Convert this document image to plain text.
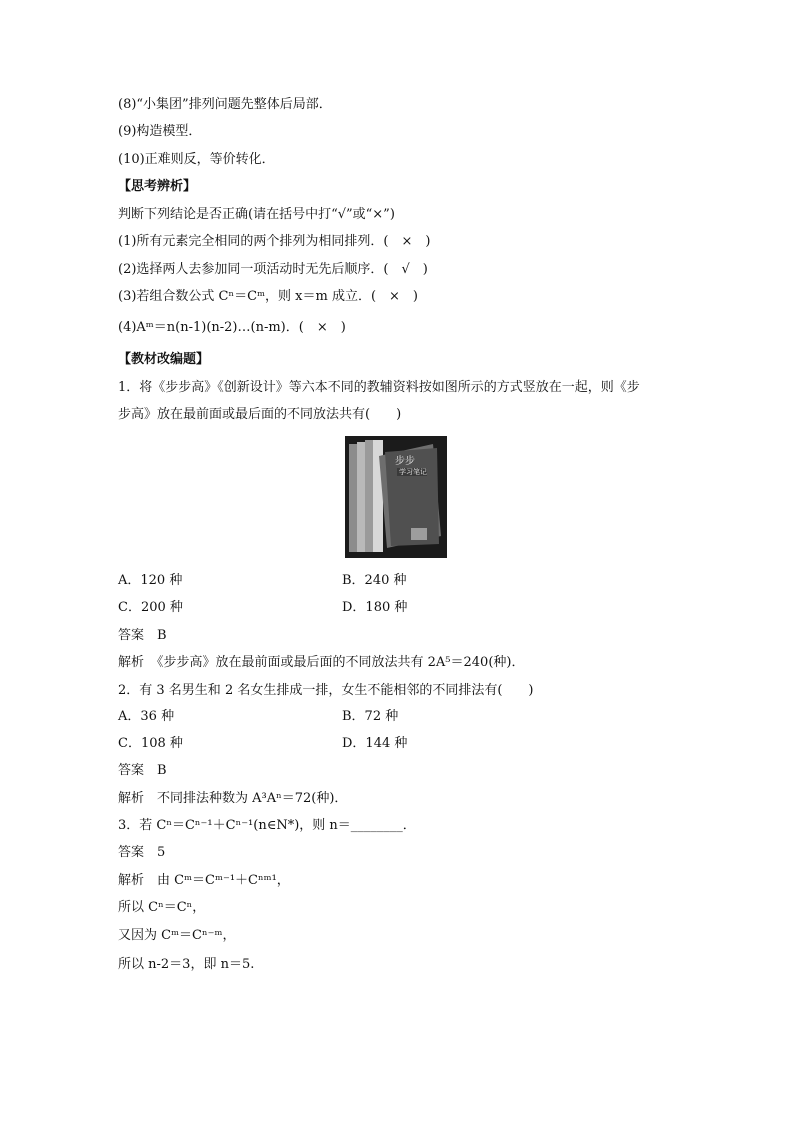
(8)“小集团”排列问题先整体后局部．
(9)构造模型．
(10)正难则反，等价转化．
【思考辨析】
判断下列结论是否正确(请在括号中打“√”或“×”)
(1)所有元素完全相同的两个排列为相同排列．(　×　)
(2)选择两人去参加同一项活动时无先后顺序．(　√　)
(3)若组合数公式 Cⁿ＝Cᵐ，则 x＝m 成立．(　×　)
(4)Aᵐ＝n(n-1)(n-2)…(n-m)．(　×　)
【教材改编题】
1．将《步步高》《创新设计》等六本不同的教辅资料按如图所示的方式竖放在一起，则《步
步高》放在最前面或最后面的不同放法共有(　　)
步步
学习笔记
A．120 种	B．240 种
C．200 种	D．180 种
答案　B
解析　《步步高》放在最前面或最后面的不同放法共有 2A⁵＝240(种)．
2．有 3 名男生和 2 名女生排成一排，女生不能相邻的不同排法有(　　)
A．36 种	B．72 种
C．108 种	D．144 种
答案　B
解析　不同排法种数为 A³Aⁿ＝72(种)．
3．若 Cⁿ＝Cⁿ⁻¹＋Cⁿ⁻¹(n∈N*)，则 n＝________．
答案　5
解析　由 Cᵐ＝Cᵐ⁻¹＋Cⁿᵐ¹，
所以 Cⁿ＝Cⁿ，
又因为 Cᵐ＝Cⁿ⁻ᵐ，
所以 n-2＝3，即 n＝5.
